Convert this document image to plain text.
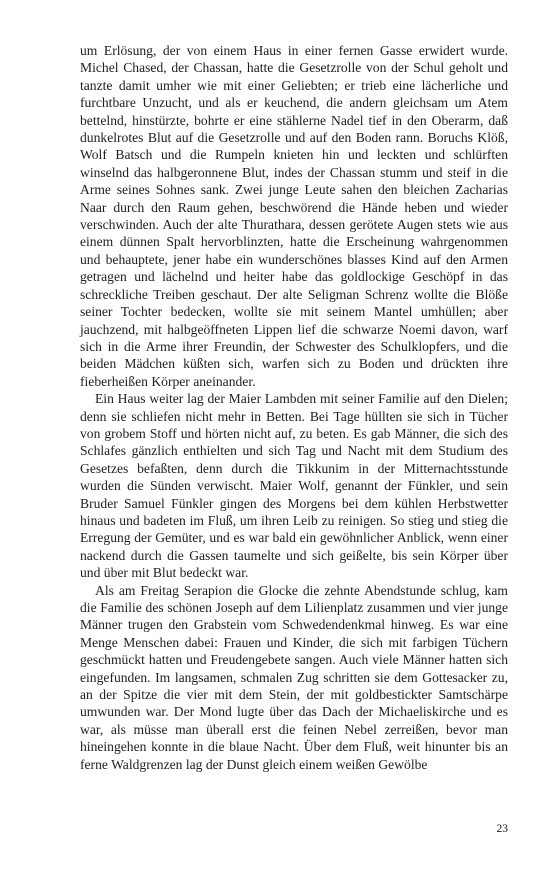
um Erlösung, der von einem Haus in einer fernen Gasse erwidert wurde. Michel Chased, der Chassan, hatte die Gesetzrolle von der Schul geholt und tanzte damit umher wie mit einer Geliebten; er trieb eine lächerliche und furchtbare Unzucht, und als er keuchend, die andern gleichsam um Atem bettelnd, hinstürzte, bohrte er eine stählerne Nadel tief in den Oberarm, daß dunkelrotes Blut auf die Gesetzrolle und auf den Boden rann. Boruchs Klöß, Wolf Batsch und die Rumpeln knieten hin und leckten und schlürften winselnd das halbgeronnene Blut, indes der Chassan stumm und steif in die Arme seines Sohnes sank. Zwei junge Leute sahen den bleichen Zacharias Naar durch den Raum gehen, beschwörend die Hände heben und wieder verschwinden. Auch der alte Thurathara, dessen gerötete Augen stets wie aus einem dünnen Spalt hervorblinzten, hatte die Erscheinung wahrgenommen und behauptete, jener habe ein wunderschönes blasses Kind auf den Armen getragen und lächelnd und heiter habe das goldlockige Geschöpf in das schreckliche Treiben geschaut. Der alte Seligman Schrenz wollte die Blöße seiner Tochter bedecken, wollte sie mit seinem Mantel umhüllen; aber jauchzend, mit halbgeöffneten Lippen lief die schwarze Noemi davon, warf sich in die Arme ihrer Freundin, der Schwester des Schulklopfers, und die beiden Mädchen küßten sich, warfen sich zu Boden und drückten ihre fieberheißen Körper aneinander.

Ein Haus weiter lag der Maier Lambden mit seiner Familie auf den Dielen; denn sie schliefen nicht mehr in Betten. Bei Tage hüllten sie sich in Tücher von grobem Stoff und hörten nicht auf, zu beten. Es gab Männer, die sich des Schlafes gänzlich enthielten und sich Tag und Nacht mit dem Studium des Gesetzes befaßten, denn durch die Tikkunim in der Mitternachtsstunde wurden die Sünden verwischt. Maier Wolf, genannt der Fünkler, und sein Bruder Samuel Fünkler gingen des Morgens bei dem kühlen Herbstwetter hinaus und badeten im Fluß, um ihren Leib zu reinigen. So stieg und stieg die Erregung der Gemüter, und es war bald ein gewöhnlicher Anblick, wenn einer nackend durch die Gassen taumelte und sich geißelte, bis sein Körper über und über mit Blut bedeckt war.

Als am Freitag Serapion die Glocke die zehnte Abendstunde schlug, kam die Familie des schönen Joseph auf dem Lilienplatz zusammen und vier junge Männer trugen den Grabstein vom Schwedendenkmal hinweg. Es war eine Menge Menschen dabei: Frauen und Kinder, die sich mit farbigen Tüchern geschmückt hatten und Freudengebete sangen. Auch viele Männer hatten sich eingefunden. Im langsamen, schmalen Zug schritten sie dem Gottesacker zu, an der Spitze die vier mit dem Stein, der mit goldbestickter Samtschärpe umwunden war. Der Mond lugte über das Dach der Michaeliskirche und es war, als müsse man überall erst die feinen Nebel zerreißen, bevor man hineingehen konnte in die blaue Nacht. Über dem Fluß, weit hinunter bis an ferne Waldgrenzen lag der Dunst gleich einem weißen Gewölbe

23
